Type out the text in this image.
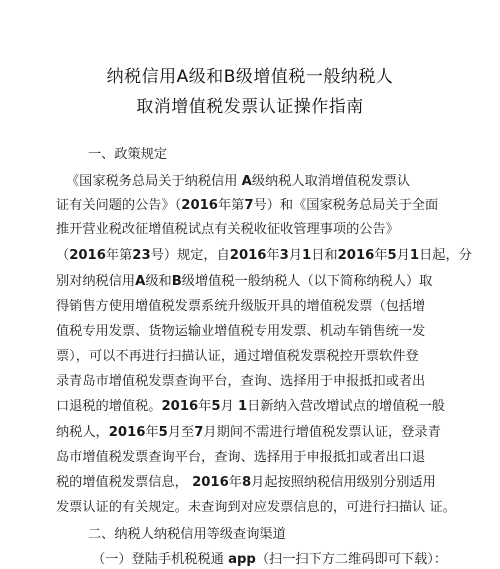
纳税信用A级和B级增值税一般纳税人
取消增值税发票认证操作指南
一、政策规定
《国家税务总局关于纳税信用 A级纳税人取消增值税发票认
证有关问题的公告》（2016年第7号）和《国家税务总局关于全面
推开营业税改征增值税试点有关税收征收管理事项的公告》
（2016年第23号）规定，自2016年3月1日和2016年5月1日起，分
别对纳税信用A级和B级增值税一般纳税人（以下简称纳税人）取
得销售方使用增值税发票系统升级版开具的增值税发票（包括增
值税专用发票、货物运输业增值税专用发票、机动车销售统一发
票），可以不再进行扫描认证，通过增值税发票税控开票软件登
录青岛市增值税发票查询平台，查询、选择用于申报抵扣或者出
口退税的增值税。2016年5月 1日新纳入营改增试点的增值税一般
纳税人，2016年5月至7月期间不需进行增值税发票认证，登录青
岛市增值税发票查询平台，查询、选择用于申报抵扣或者出口退
税的增值税发票信息， 2016年8月起按照纳税信用级别分别适用
发票认证的有关规定。未查询到对应发票信息的，可进行扫描认 证。
二、纳税人纳税信用等级查询渠道
（一）登陆手机税税通 app（扫一扫下方二维码即可下载）：
